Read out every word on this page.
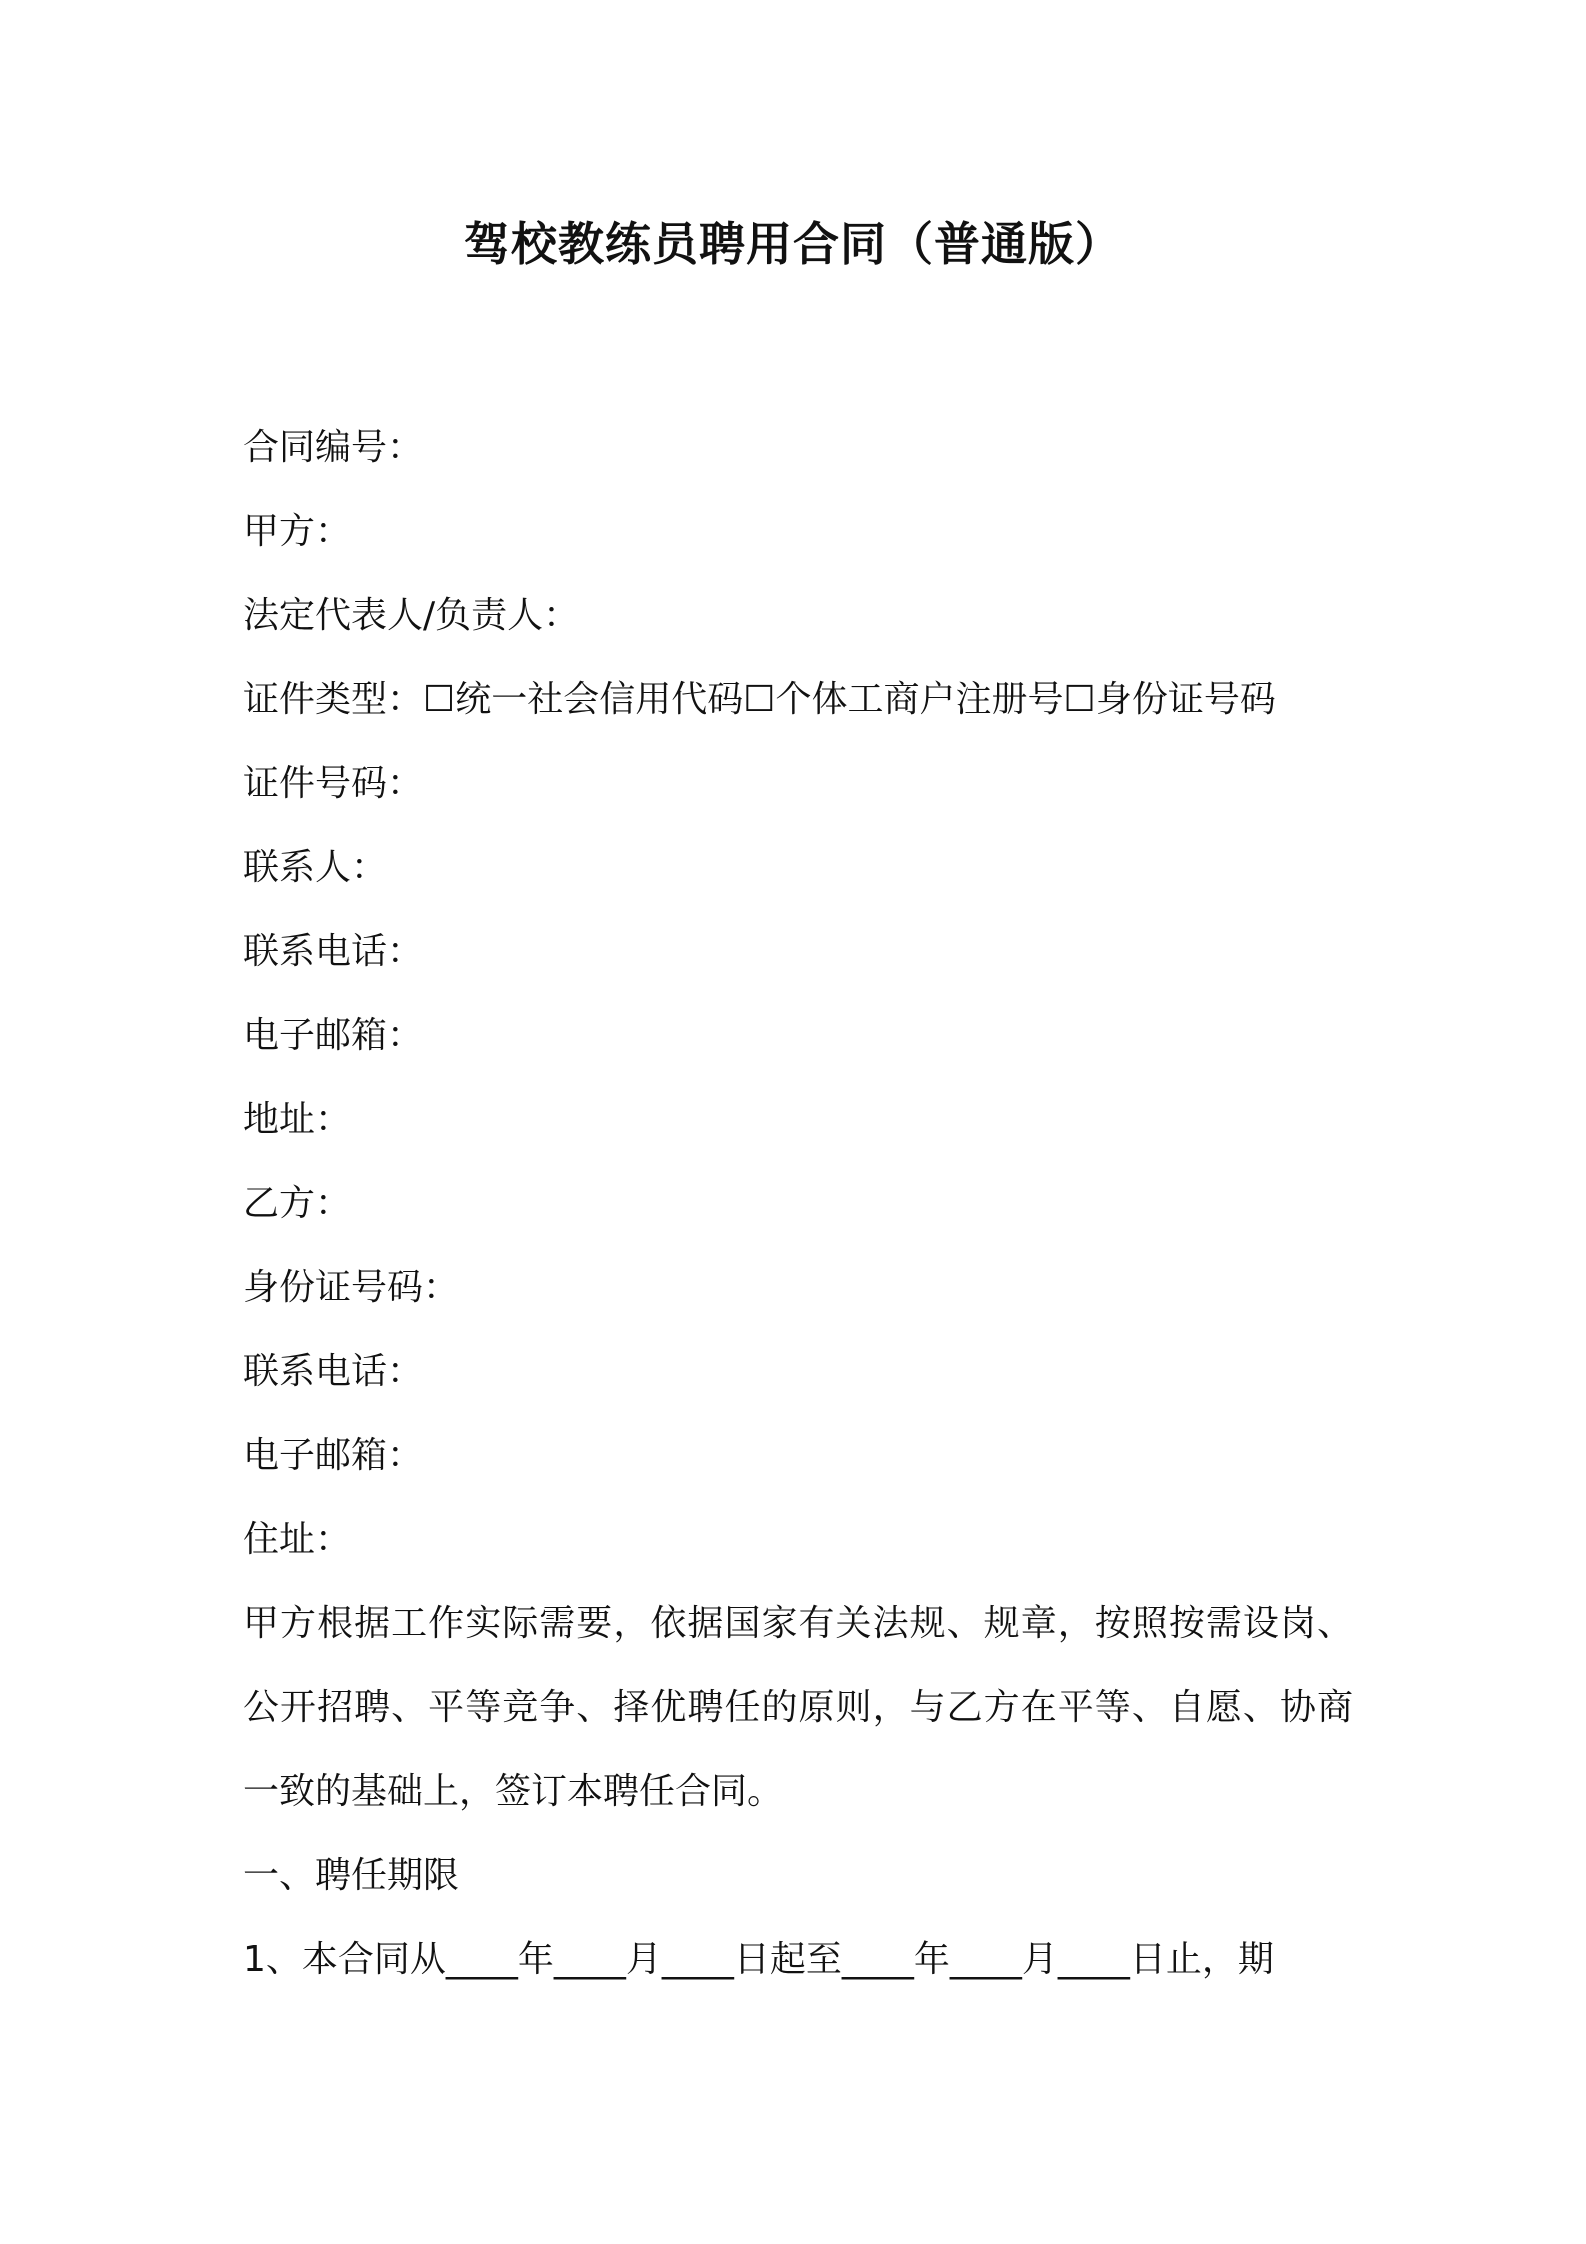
驾校教练员聘用合同（普通版）
合同编号：
甲方：
法定代表人/负责人：
证件类型：☐统一社会信用代码☐个体工商户注册号☐身份证号码
证件号码：
联系人：
联系电话：
电子邮箱：
地址：
乙方：
身份证号码：
联系电话：
电子邮箱：
住址：
甲方根据工作实际需要，依据国家有关法规、规章，按照按需设岗、公开招聘、平等竞争、择优聘任的原则，与乙方在平等、自愿、协商一致的基础上，签订本聘任合同。
一、聘任期限
1、本合同从____年____月____日起至____年____月____日止，期
